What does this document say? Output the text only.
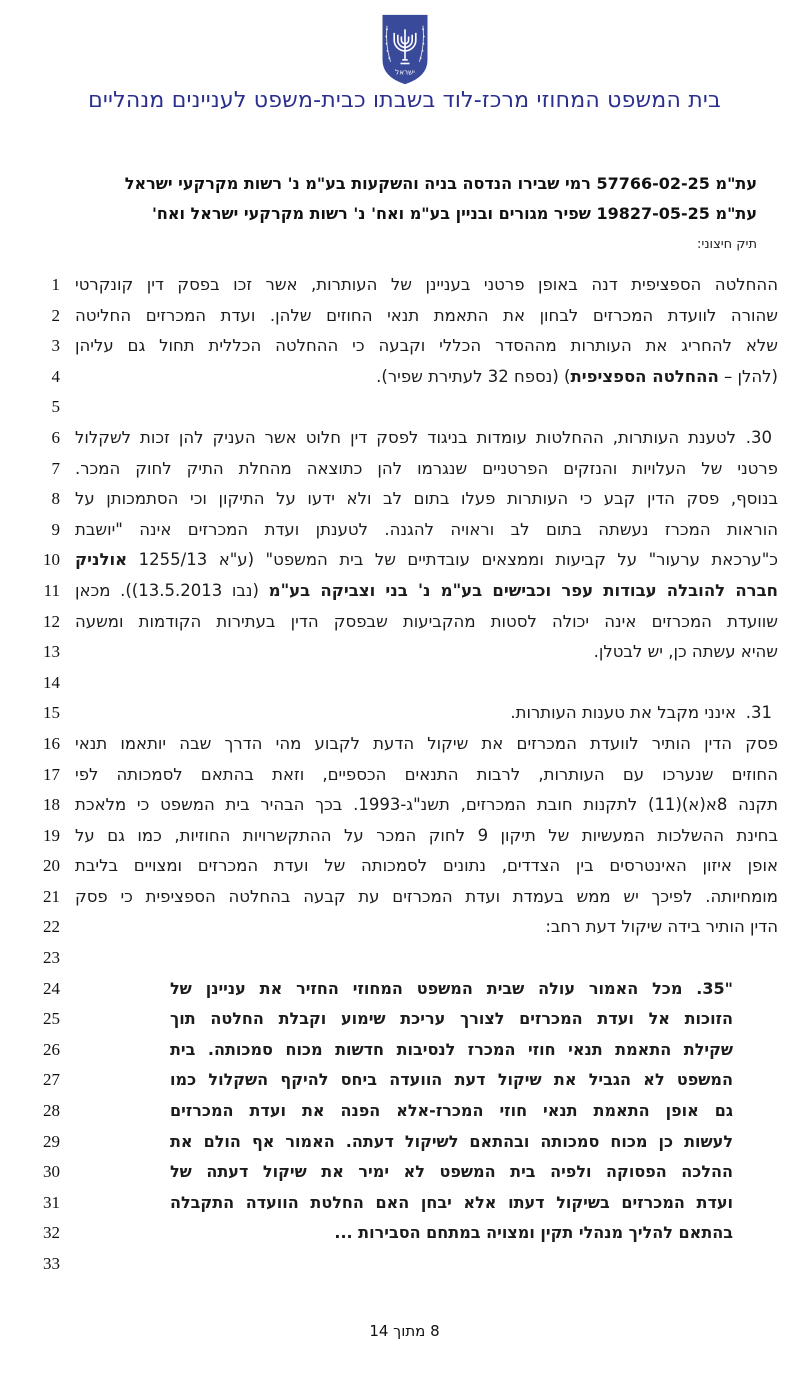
ישראל
בית המשפט המחוזי מרכז-לוד בשבתו כבית-משפט לעניינים מנהליים
עת"מ 57766-02-25 רמי שבירו הנדסה בניה והשקעות בע"מ נ' רשות מקרקעי ישראל
עת"מ 19827-05-25 שפיר מגורים ובניין בע"מ ואח' נ' רשות מקרקעי ישראל ואח'
תיק חיצוני:
1 ההחלטה הספציפית דנה באופן פרטני בעניינן של העותרות, אשר זכו בפסק דין קונקרטי
2 שהורה לוועדת המכרזים לבחון את התאמת תנאי החוזים שלהן. ועדת המכרזים החליטה
3 שלא להחריג את העותרות מההסדר הכללי וקבעה כי ההחלטה הכללית תחול גם עליהן
4	(להלן – ההחלטה הספציפית) (נספח 32 לעתירת שפיר).
5
6	30.
לטענת העותרות, ההחלטות עומדות בניגוד לפסק דין חלוט אשר העניק להן זכות לשקלול
7 פרטני של העלויות והנזקים הפרטניים שנגרמו להן כתוצאה מהחלת התיק לחוק המכר.
8 בנוסף, פסק הדין קבע כי העותרות פעלו בתום לב ולא ידעו על התיקון וכי הסתמכותן על
9 הוראות המכרז נעשתה בתום לב וראויה להגנה. לטענתן ועדת המכרזים אינה "יושבת
10	כ"ערכאת ערעור" על קביעות וממצאים עובדתיים של בית המשפט" (ע"א 1255/13 אולניק
11	חברה להובלה עבודות עפר וכבישים בע"מ נ' בני וצביקה בע"מ (נבו 13.5.2013)). מכאן
12 שוועדת המכרזים אינה יכולה לסטות מהקביעות שבפסק הדין בעתירות הקודמות ומשעה
13	שהיא עשתה כן, יש לבטלן.
14
15	31.
אינני מקבל את טענות העותרות.
16 פסק הדין הותיר לוועדת המכרזים את שיקול הדעת לקבוע מהי הדרך שבה יותאמו תנאי
17 החוזים שנערכו עם העותרות, לרבות התנאים הכספיים, וזאת בהתאם לסמכותה לפי
18 תקנה 8א(א)(11) לתקנות חובת המכרזים, תשנ"ג-1993. בכך הבהיר בית המשפט כי מלאכת
19 בחינת ההשלכות המעשיות של תיקון 9 לחוק המכר על ההתקשרויות החוזיות, כמו גם על
20 אופן איזון האינטרסים בין הצדדים, נתונים לסמכותה של ועדת המכרזים ומצויים בליבת
21 מומחיותה. לפיכך יש ממש בעמדת ועדת המכרזים עת קבעה בהחלטה הספציפית כי פסק
22	הדין הותיר בידה שיקול דעת רחב:
23
24	"35. מכל האמור עולה שבית המשפט המחוזי החזיר את עניינן של
25	הזוכות אל ועדת המכרזים לצורך עריכת שימוע וקבלת החלטה תוך
26	שקילת התאמת תנאי חוזי המכרז לנסיבות חדשות מכוח סמכותה. בית
27	המשפט לא הגביל את שיקול דעת הוועדה ביחס להיקף השקלול כמו
28	גם אופן התאמת תנאי חוזי המכרז-אלא הפנה את ועדת המכרזים
29	לעשות כן מכוח סמכותה ובהתאם לשיקול דעתה. האמור אף הולם את
30	ההלכה הפסוקה ולפיה בית המשפט לא ימיר את שיקול דעתה של
31	ועדת המכרזים בשיקול דעתו אלא יבחן האם החלטת הוועדה התקבלה
32	בהתאם להליך מנהלי תקין ומצויה במתחם הסבירות ...
33
8 מתוך 14
